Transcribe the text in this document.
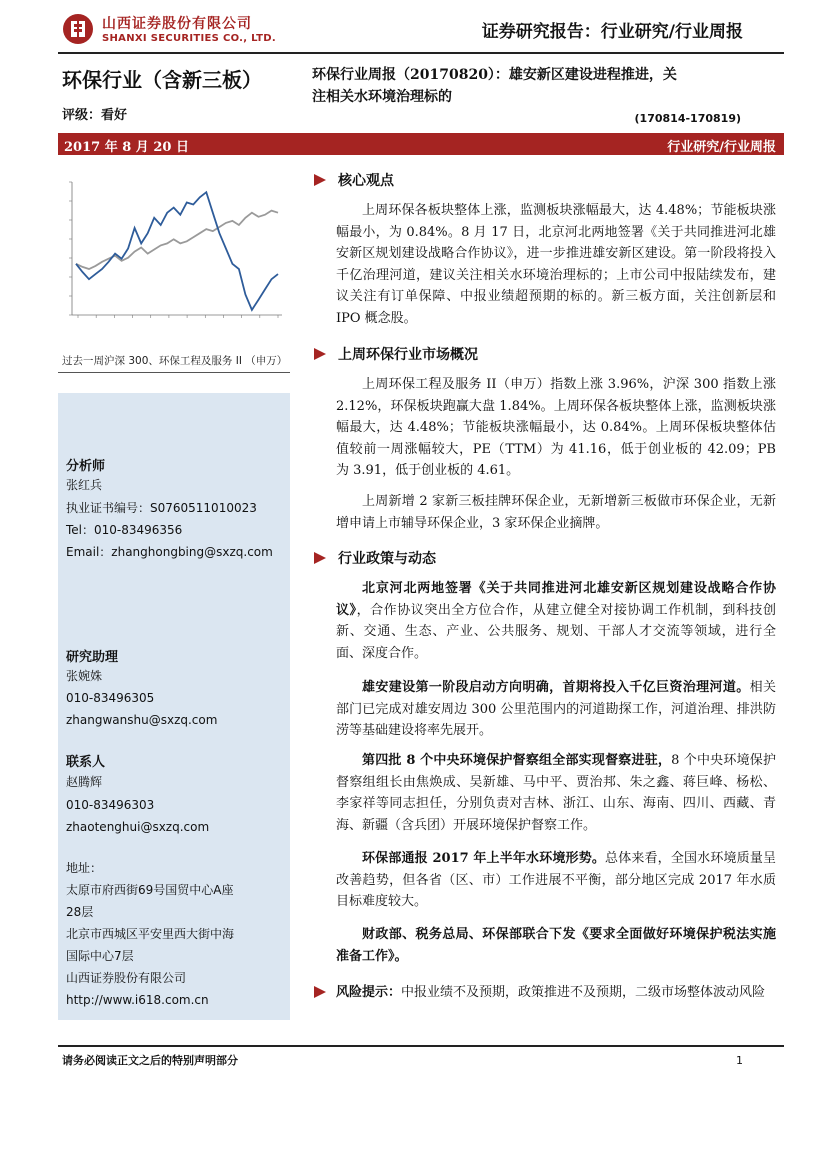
山西证券股份有限公司
SHANXI SECURITIES CO., LTD.	证券研究报告：行业研究/行业周报
环保行业（含新三板）
评级：看好
环保行业周报（20170820）：雄安新区建设进程推进，关
注相关水环境治理标的
(170814-170819)
2017 年 8 月 20 日	行业研究/行业周报
过去一周沪深 300、环保工程及服务 II （申万）
分析师
张红兵
执业证书编号：S0760511010023
Tel：010-83496356
Email：zhanghongbing@sxzq.com
研究助理
张婉姝
010-83496305
zhangwanshu@sxzq.com
联系人
赵腾辉
010-83496303
zhaotenghui@sxzq.com
地址：
太原市府西街69号国贸中心A座
28层
北京市西城区平安里西大街中海
国际中心7层
山西证券股份有限公司
http://www.i618.com.cn
核心观点
上周环保各板块整体上涨，监测板块涨幅最大，达 4.48%；节能板块涨幅最小，为 0.84%。8 月 17 日，北京河北两地签署《关于共同推进河北雄安新区规划建设战略合作协议》，进一步推进雄安新区建设。第一阶段将投入千亿治理河道，建议关注相关水环境治理标的；上市公司中报陆续发布，建议关注有订单保障、中报业绩超预期的标的。新三板方面，关注创新层和 IPO 概念股。
上周环保行业市场概况
上周环保工程及服务 II（申万）指数上涨 3.96%，沪深 300 指数上涨 2.12%，环保板块跑赢大盘 1.84%。上周环保各板块整体上涨，监测板块涨幅最大，达 4.48%；节能板块涨幅最小，达 0.84%。上周环保板块整体估值较前一周涨幅较大，PE（TTM）为 41.16，低于创业板的 42.09；PB 为 3.91，低于创业板的 4.61。
上周新增 2 家新三板挂牌环保企业，无新增新三板做市环保企业，无新增申请上市辅导环保企业，3 家环保企业摘牌。
行业政策与动态
北京河北两地签署《关于共同推进河北雄安新区规划建设战略合作协议》，合作协议突出全方位合作，从建立健全对接协调工作机制，到科技创新、交通、生态、产业、公共服务、规划、干部人才交流等领域，进行全面、深度合作。
雄安建设第一阶段启动方向明确，首期将投入千亿巨资治理河道。相关部门已完成对雄安周边 300 公里范围内的河道勘探工作，河道治理、排洪防涝等基础建设将率先展开。
第四批 8 个中央环境保护督察组全部实现督察进驻，8 个中央环境保护督察组组长由焦焕成、吴新雄、马中平、贾治邦、朱之鑫、蒋巨峰、杨松、李家祥等同志担任，分别负责对吉林、浙江、山东、海南、四川、西藏、青海、新疆（含兵团）开展环境保护督察工作。
环保部通报 2017 年上半年水环境形势。总体来看，全国水环境质量呈改善趋势，但各省（区、市）工作进展不平衡，部分地区完成 2017 年水质目标难度较大。
财政部、税务总局、环保部联合下发《要求全面做好环境保护税法实施准备工作》。
风险提示：中报业绩不及预期，政策推进不及预期，二级市场整体波动风险
请务必阅读正文之后的特别声明部分	1
